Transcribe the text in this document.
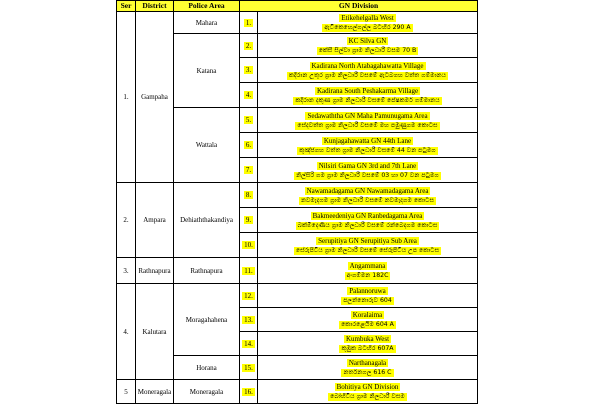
Ser	District	Police Area	GN Division	
1.	Gampaha	Mahara	1.	Etikehelgalla West
ඇටිකෙහෙල්ගල්ල බටහිර 290 A

		Katana	2.	KC Silva GN
කේසී සිල්වා ග්‍රාම නිලධාරී වසම 70 B

			3.	Kadirana North Atabagahawatta Village
කදිරාන උතුර ග්‍රාම නිලධාරී වසමේ ඇටබගහ වත්ත ගම්මානය

			4.	Kadirana South Peshakarma Village
කදිරාන දකුණ ග්‍රාම නිලධාරී වසමේ පේෂකර්ම ගම්මානය

		Wattala	5.	Sedawaththa GN Maha Pamunugama Area
සේදවත්ත ග්‍රාම නිලධාරී වසමේ මහ පමුණුගම කොටස

			6.	Kunjagahawatta GN 44th Lane
කුඤ්ජගහ වත්ත ග්‍රාම නිලධාරී වසමේ 44 වන පටුමග

			7.	Nilsiri Gama GN 3rd and 7th Lane
නිල්සිරි ගම ග්‍රාම නිලධාරී වසමේ 03 හා 07 වන පටුමග

2.	Ampara	Dehiaththakandiya	8.	Nawamadagama GN Nawamadagama Area
නවමැදගම ග්‍රාම නිලධාරී වසමේ නවමැදගම කොටස

			9.	Bakmeedeniya GN Ranbedagama Area
බක්මීදෙණිය ග්‍රාම නිලධාරී වසමේ රන්බෙදගම කොටස

			10.	Serupitiya GN Serupitiya Sub Area
සේරුපිටිය ග්‍රාම නිලධාරී වසමේ සේරුපිටිය උප කොටස

3.	Rathnapura	Rathnapura	11.	Angammana
අංගම්මන 182C

4.	Kalutara	Moragahahena	12.	Palannoruwa
පලන්නොරුව 604

			13.	Koralaima
කොරළෙයිම 604 A

			14.	Kumbuka West
කුඹුක බටහිර 607A

		Horana	15.	Narthanagala
නර්තනගල 616 C

5	Moneragala	Moneragala	16.	Bohitiya GN Division
බෝහිටිය ග්‍රාම නිලධාරී වසම
